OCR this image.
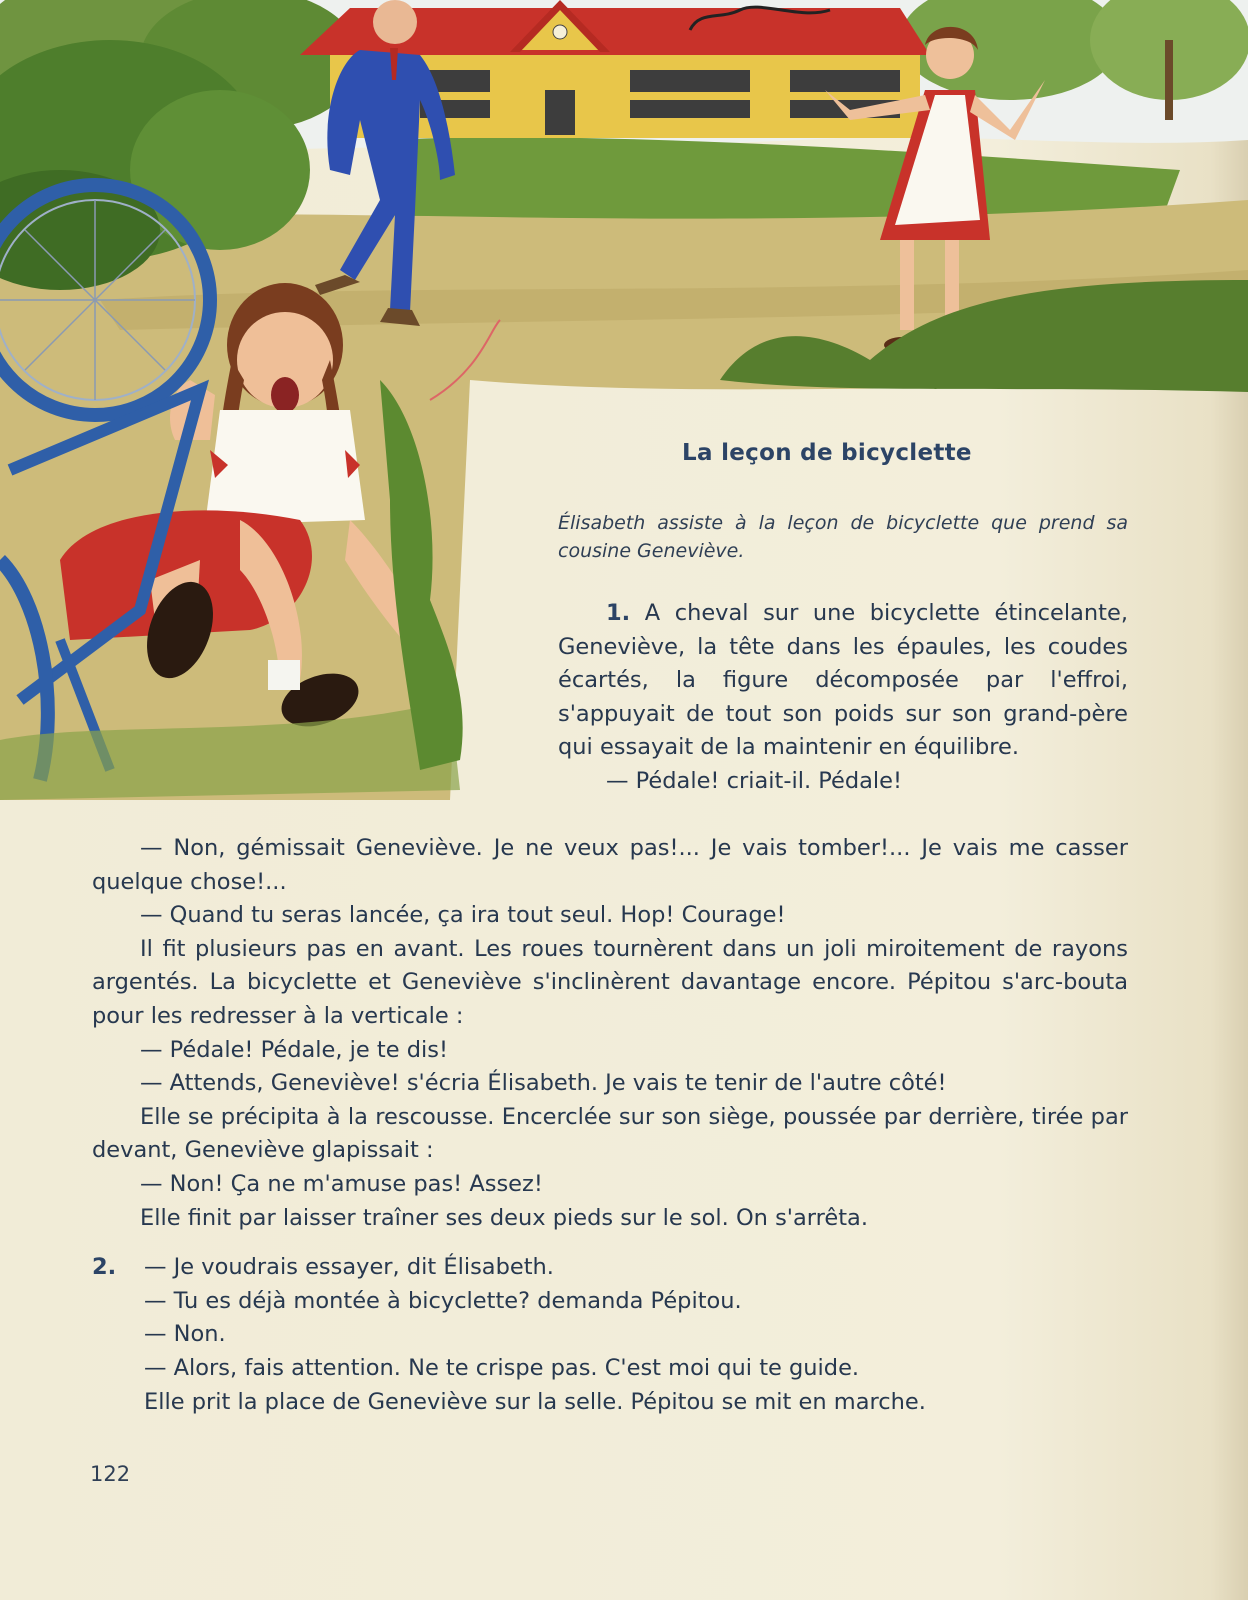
La leçon de bicyclette
Élisabeth assiste à la leçon de bicyclette que prend sa cousine Geneviève.

1. A cheval sur une bicyclette étincelante, Geneviève, la tête dans les épaules, les coudes écartés, la figure décomposée par l'effroi, s'appuyait de tout son poids sur son grand-père qui essayait de la maintenir en équilibre.

— Pédale! criait-il. Pédale!

— Non, gémissait Geneviève. Je ne veux pas!... Je vais tomber!... Je vais me casser quelque chose!...

— Quand tu seras lancée, ça ira tout seul. Hop! Courage!

Il fit plusieurs pas en avant. Les roues tournèrent dans un joli miroitement de rayons argentés. La bicyclette et Geneviève s'inclinèrent davantage encore. Pépitou s'arc-bouta pour les redresser à la verticale :

— Pédale! Pédale, je te dis!

— Attends, Geneviève! s'écria Élisabeth. Je vais te tenir de l'autre côté!

Elle se précipita à la rescousse. Encerclée sur son siège, poussée par derrière, tirée par devant, Geneviève glapissait :

— Non! Ça ne m'amuse pas! Assez!

Elle finit par laisser traîner ses deux pieds sur le sol. On s'arrêta.

2.	— Je voudrais essayer, dit Élisabeth.

— Tu es déjà montée à bicyclette? demanda Pépitou.

— Non.

— Alors, fais attention. Ne te crispe pas. C'est moi qui te guide.

Elle prit la place de Geneviève sur la selle. Pépitou se mit en marche.

122
